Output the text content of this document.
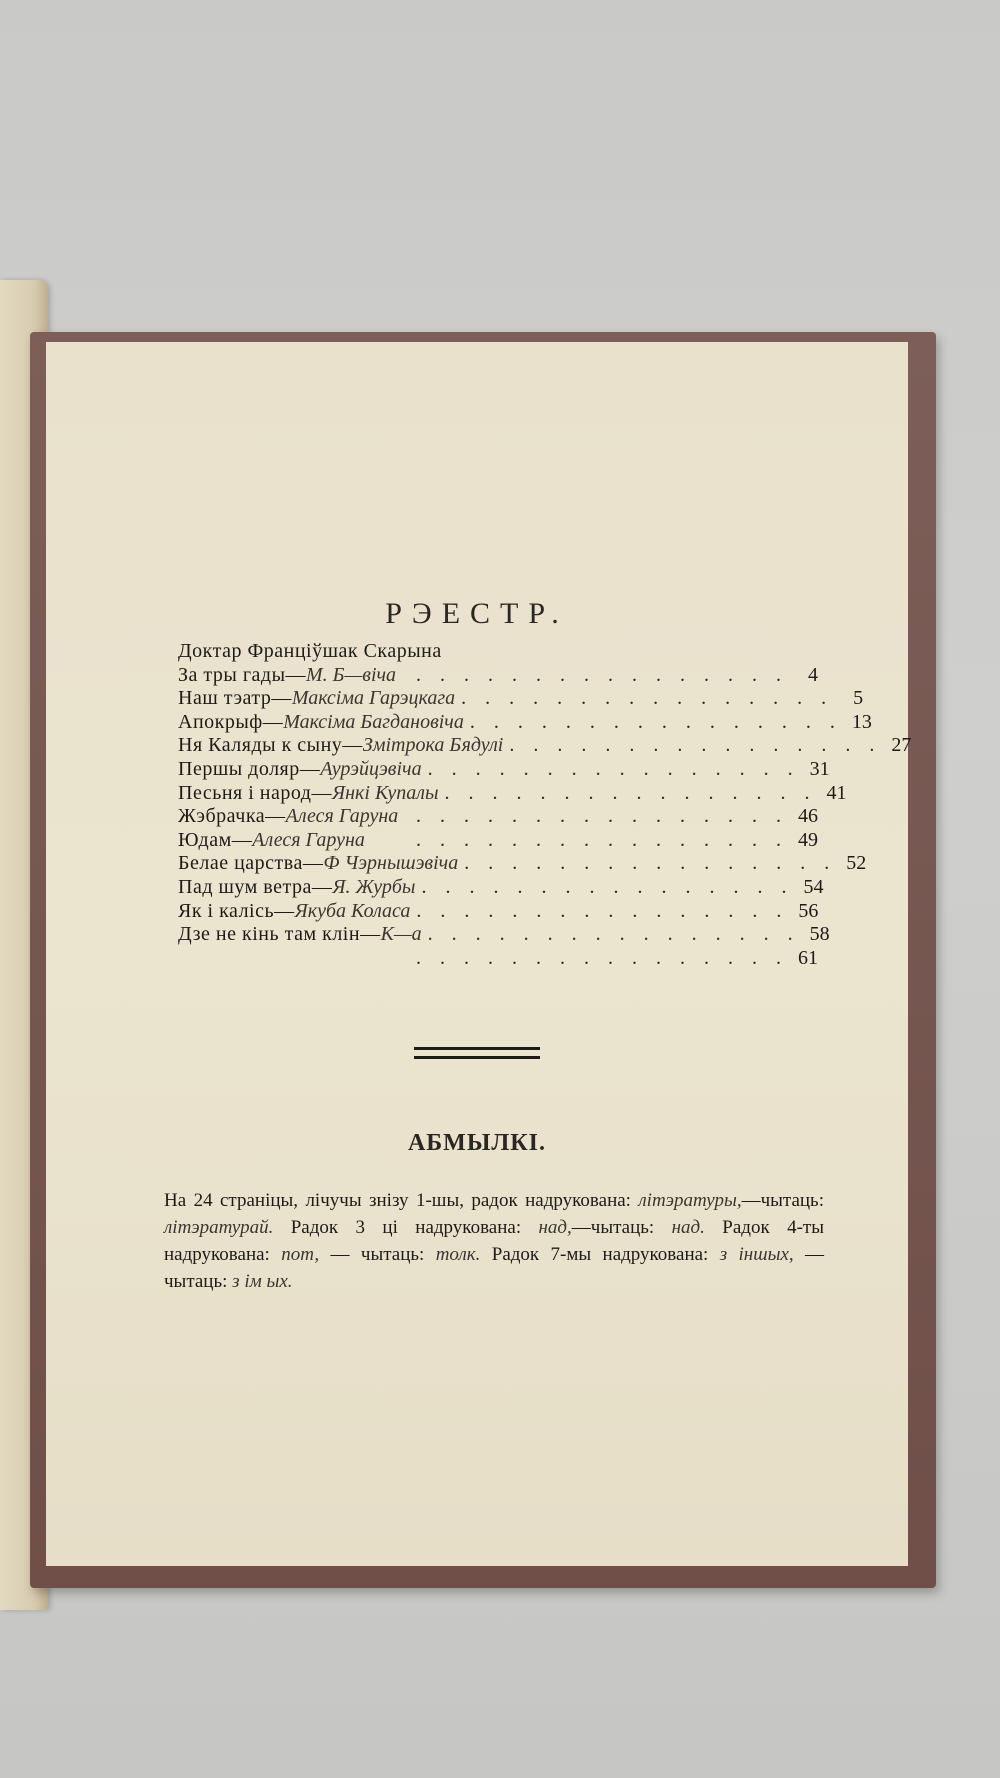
РЭЕСТР.
Доктар Франціўшак Скарына
За тры гады— М. Б—віча . . . . . . . . . . . . . . . .	4
Наш тэатр— Максіма Гарэцкага . . . . . . . . . . . . . . . .	5
Апокрыф— Максіма Багдановіча . . . . . . . . . . . . . . . . 13
Ня Каляды к сыну— Змітрока Бядулі . . . . . . . . . . . . . . . . 27
Першы доляр— Аурэйцэвіча . . . . . . . . . . . . . . . . 31
Песьня і народ— Янкі Купалы . . . . . . . . . . . . . . . . 41
Жэбрачка— Алеся Гаруна . . . . . . . . . . . . . . . . 46
Юдам— Алеся Гаруна	. . . . . . . . . . . . . . . . 49
Белае царства— Ф Чэрнышэвіча . . . . . . . . . . . . . . . . 52
Пад шум ветра— Я. Журбы . . . . . . . . . . . . . . . . 54
Як і калісь— Якуба Коласа . . . . . . . . . . . . . . . . 56
Дзе не кінь там клін— К—а . . . . . . . . . . . . . . . . 58
. . . . . . . . . . . . . . . . 61
АБМЫЛКІ.
На 24 страніцы, лічучы знізу 1-шы, радок надрукована: літэратуры,—чытаць: літэратурай. Радок 3 ці надрукована: над,—чытаць: над. Радок 4-ты надрукована: пот, — чытаць: толк. Радок 7-мы надрукована: з іншых, — чытаць: з ім ых.
